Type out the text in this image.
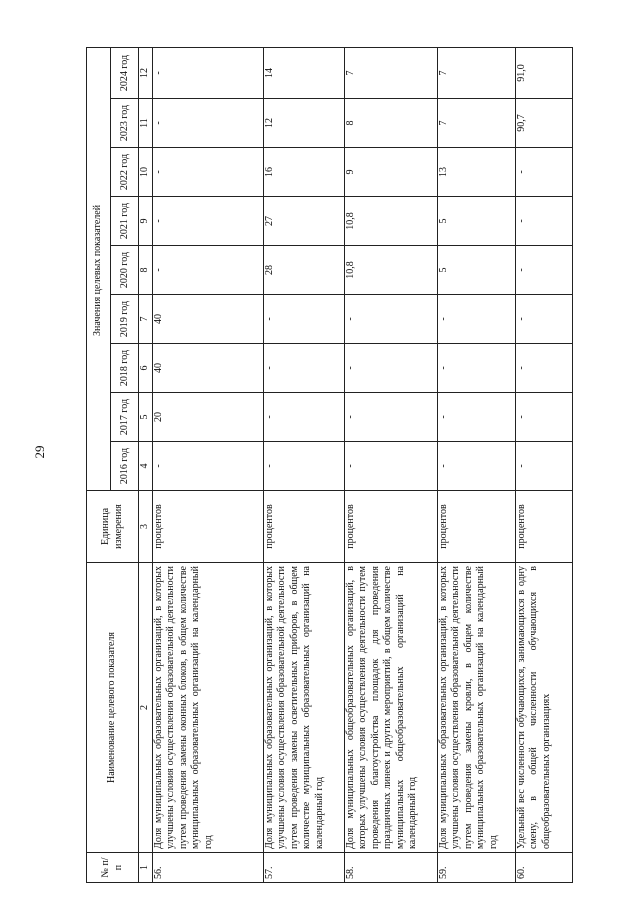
29
№ п/п	Наименование целевого показателя	Единица измерения	Значения целевых показателей								
			2016 год	2017 год	2018 год	2019 год	2020 год	2021 год	2022 год	2023 год	2024 год
1	2	3	4	5	6	7	8	9	10	11	12
56.	Доля муниципальных образовательных организаций, в которых улучшены условия осуществления образовательной деятельности путем проведения замены оконных блоков, в общем количестве муниципальных образовательных организаций на календарный год	процентов	-	20	40	40	-	-	-	-	-
57.	Доля муниципальных образовательных организаций, в которых улучшены условия осуществления образовательной деятельности путем проведения замены осветительных приборов, в общем количестве муниципальных образовательных организаций на календарный год	процентов	-	-	-	-	28	27	16	12	14
58.	Доля муниципальных общеобразовательных организаций, в которых улучшены условия осуществления деятельности путем проведения благоустройства площадок для проведения праздничных линеек и других мероприятий, в общем количестве муниципальных общеобразовательных организаций на календарный год	процентов	-	-	-	-	10,8	10,8	9	8	7
59.	Доля муниципальных образовательных организаций, в которых улучшены условия осуществления образовательной деятельности путем проведения замены кровли, в общем количестве муниципальных образовательных организаций на календарный год	процентов	-	-	-	-	5	5	13	7	7
60.	Удельный вес численности обучающихся, занимающихся в одну смену, в общей численности обучающихся в общеобразовательных организациях	процентов	-	-	-	-	-	-	-	90,7	91,0
